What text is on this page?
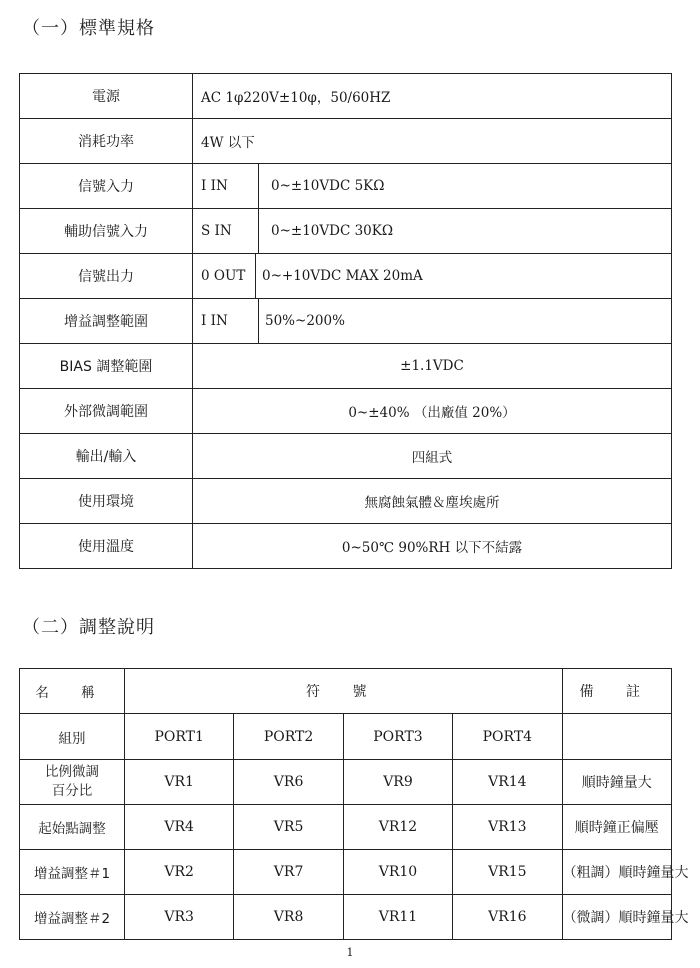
（一）標準規格
電源	AC 1φ220V±10φ，50/60HZ
消耗功率	4W 以下
信號入力	I IN 0~±10VDC 5KΩ

輔助信號入力	S IN 0~±10VDC 30KΩ

信號出力	0 OUT 0~+10VDC MAX 20mA

增益調整範圍	I IN 50%~200%

BIAS 調整範圍	±1.1VDC
外部微調範圍	0~±40% （出廠值 20%）
輸出/輸入	四組式
使用環境	無腐蝕氣體＆塵埃處所
使用溫度	0~50℃ 90%RH 以下不結露
（二）調整說明
名 稱	符 號				備 註
組別	PORT1	PORT2	PORT3	PORT4	

比例微調
百分比	VR1	VR6	VR9	VR14	順時鐘量大
起始點調整	VR4	VR5	VR12	VR13	順時鐘正偏壓
增益調整＃1	VR2	VR7	VR10	VR15	（粗調）順時鐘量大
增益調整＃2	VR3	VR8	VR11	VR16	（微調）順時鐘量大
1
